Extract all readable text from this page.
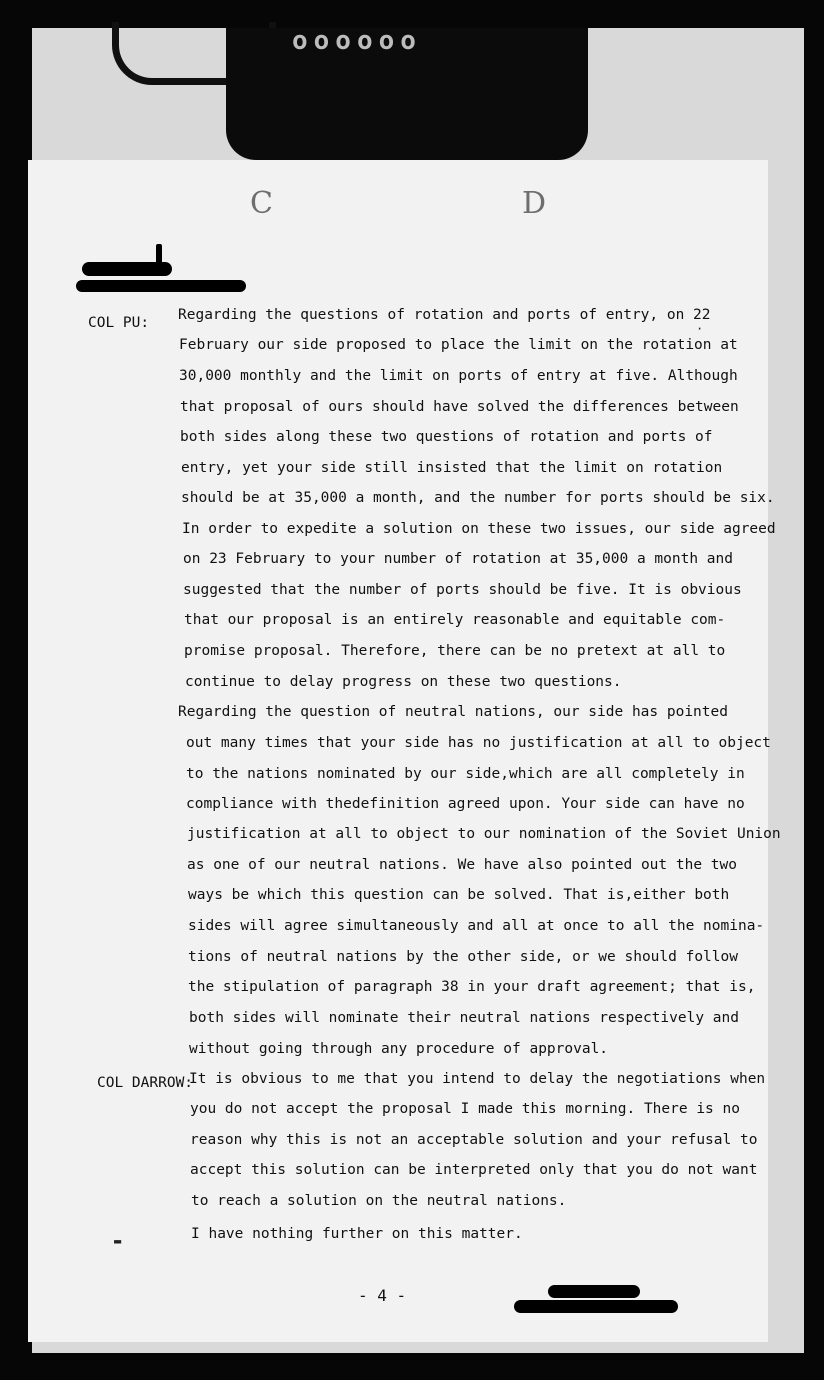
oooooo
C	D
COL PU:
COL DARROW:
Regarding the questions of rotation and ports of entry, on 22
February our side proposed to place the limit on the rotation at
30,000 monthly and the limit on ports of entry at five. Although
that proposal of ours should have solved the differences between
both sides along these two questions of rotation and ports of
entry, yet your side still insisted that the limit on rotation
should be at 35,000 a month, and the number for ports should be six.
In order to expedite a solution on these two issues, our side agreed
on 23 February to your number of rotation at 35,000 a month and
suggested that the number of ports should be five. It is obvious
that our proposal is an entirely reasonable and equitable com-
promise proposal. Therefore, there can be no pretext at all to
continue to delay progress on these two questions.
Regarding the question of neutral nations, our side has pointed
out many times that your side has no justification at all to object
to the nations nominated by our side,which are all completely in
compliance with thedefinition agreed upon. Your side can have no
justification at all to object to our nomination of the Soviet Union
as one of our neutral nations. We have also pointed out the two
ways be which this question can be solved. That is,either both
sides will agree simultaneously and all at once to all the nomina-
tions of neutral nations by the other side, or we should follow
the stipulation of paragraph 38 in your draft agreement; that is,
both sides will nominate their neutral nations respectively and
without going through any procedure of approval.
It is obvious to me that you intend to delay the negotiations when
you do not accept the proposal I made this morning. There is no
reason why this is not an acceptable solution and your refusal to
accept this solution can be interpreted only that you do not want
to reach a solution on the neutral nations.
I have nothing further on this matter.
- 4 -
▬
·
